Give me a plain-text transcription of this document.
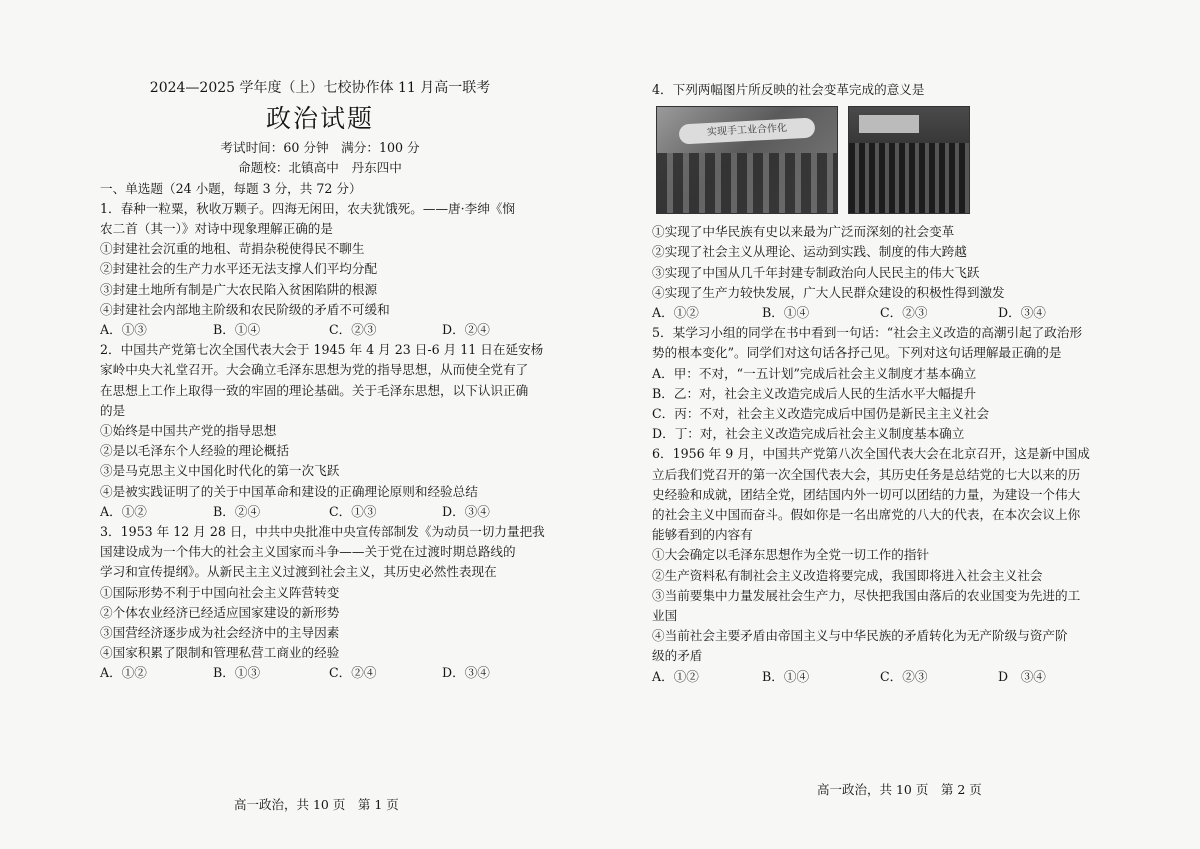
2024—2025 学年度（上）七校协作体 11 月高一联考
政治试题
考试时间：60 分钟　满分：100 分
命题校：北镇高中　丹东四中
一、单选题（24 小题，每题 3 分，共 72 分）
1．春种一粒粟，秋收万颗子。四海无闲田，农夫犹饿死。——唐·李绅《悯
农二首（其一）》对诗中现象理解正确的是
①封建社会沉重的地租、苛捐杂税使得民不聊生
②封建社会的生产力水平还无法支撑人们平均分配
③封建土地所有制是广大农民陷入贫困陷阱的根源
④封建社会内部地主阶级和农民阶级的矛盾不可缓和
A．①③	B．①④	C．②③	D．②④
2．中国共产党第七次全国代表大会于 1945 年 4 月 23 日-6 月 11 日在延安杨
家岭中央大礼堂召开。大会确立毛泽东思想为党的指导思想，从而使全党有了
在思想上工作上取得一致的牢固的理论基础。关于毛泽东思想，以下认识正确
的是
①始终是中国共产党的指导思想
②是以毛泽东个人经验的理论概括
③是马克思主义中国化时代化的第一次飞跃
④是被实践证明了的关于中国革命和建设的正确理论原则和经验总结
A．①②	B．②④	C．①③	D．③④
3．1953 年 12 月 28 日，中共中央批准中央宣传部制发《为动员一切力量把我
国建设成为一个伟大的社会主义国家而斗争——关于党在过渡时期总路线的
学习和宣传提纲》。从新民主主义过渡到社会主义，其历史必然性表现在
①国际形势不利于中国向社会主义阵营转变
②个体农业经济已经适应国家建设的新形势
③国营经济逐步成为社会经济中的主导因素
④国家积累了限制和管理私营工商业的经验
A．①②	B．①③	C．②④	D．③④
高一政治，共 10 页　第 1 页
4．下列两幅图片所反映的社会变革完成的意义是
实现手工业合作化
①实现了中华民族有史以来最为广泛而深刻的社会变革
②实现了社会主义从理论、运动到实践、制度的伟大跨越
③实现了中国从几千年封建专制政治向人民民主的伟大飞跃
④实现了生产力较快发展，广大人民群众建设的积极性得到激发
A．①②	B．①④	C．②③	D．③④
5．某学习小组的同学在书中看到一句话：“社会主义改造的高潮引起了政治形
势的根本变化”。同学们对这句话各抒己见。下列对这句话理解最正确的是
A．甲：不对，“一五计划”完成后社会主义制度才基本确立
B．乙：对，社会主义改造完成后人民的生活水平大幅提升
C．丙：不对，社会主义改造完成后中国仍是新民主主义社会
D．丁：对，社会主义改造完成后社会主义制度基本确立
6．1956 年 9 月，中国共产党第八次全国代表大会在北京召开，这是新中国成
立后我们党召开的第一次全国代表大会，其历史任务是总结党的七大以来的历
史经验和成就，团结全党，团结国内外一切可以团结的力量，为建设一个伟大
的社会主义中国而奋斗。假如你是一名出席党的八大的代表，在本次会议上你
能够看到的内容有
①大会确定以毛泽东思想作为全党一切工作的指针
②生产资料私有制社会主义改造将要完成，我国即将进入社会主义社会
③当前要集中力量发展社会生产力，尽快把我国由落后的农业国变为先进的工
业国
④当前社会主要矛盾由帝国主义与中华民族的矛盾转化为无产阶级与资产阶
级的矛盾
A．①②	B．①④	C．②③	D　③④
高一政治，共 10 页　第 2 页
